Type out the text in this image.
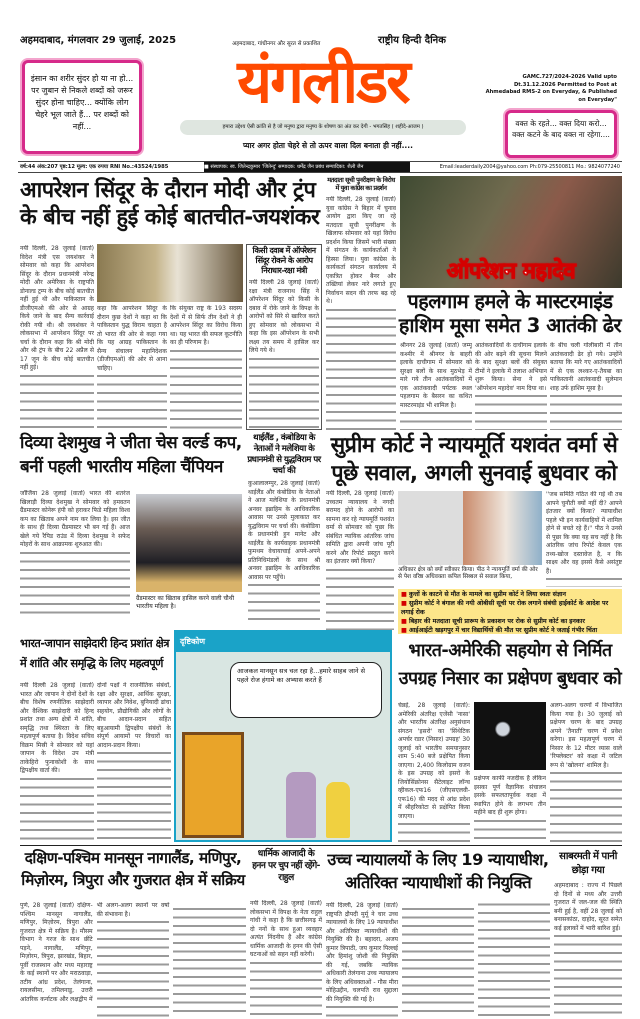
अहमदाबाद, मंगलवार 29 जुलाई, 2025	अहमदाबाद, गांधीनगर और सूरत से प्रकाशित	राष्ट्रीय हिन्दी दैनिक
यंगलीडर
हमारा उद्देश्य ऐसी क्रांति से है जो मनुष्य द्वारा मनुष्य के शोषण का अंत कर देगी - भगतसिंह ( शहीदे-आजम )
प्यार अगर होता चेहरे से तो ऊपर वाला दिल बनाता ही नहीं....
इंसान का शरीर सुंदर हो या ना हो... पर जुबान से निकले शब्दों को जरूर सुंदर होना चाहिए... क्योंकि लोग चेहरे भूल जाते हैं... पर शब्दों को नहीं...
GAMC.727/2024-2026 Valid upto Dt.31.12.2026 Permitted to Post at Ahmedabad RMS-2 on Everyday, & Published on Everyday"
वक्त के रहते... वक्त दिया करो... वक्त कटने के बाद वक्त ना रहेगा....
वर्ष:44 अंक:207 पृष्ठ:12 मूल्य: एक रुपया RNI No.:43524/1985	■ संस्थापक: स्व. जितेन्द्रकुमार 'जितेन्दु' सम्पादक: धर्मेंद्र जैन प्रबंध सम्पादिका: शैली जैन	Email:leaderdaily2004@yahoo.com Ph:079-25500811 Mo.: 9824077240
आपरेशन सिंदूर के दौरान मोदी और ट्रंप के बीच नहीं हुई कोई बातचीत-जयशंकर
नयी दिल्ली, 28 जुलाई (वार्ता) विदेश मंत्री एस जयशंकर ने सोमवार को कहा कि आपरेशन सिंदूर के दौरान प्रधानमंत्री नरेन्द्र मोदी और अमेरिका के राष्ट्रपति डोनाल्ड ट्रम्प के बीच कोई बातचीत नहीं हुई थी और पाकिस्तान के डीजीएमओ की ओर से आग्रह किये जाने के बाद सैन्य कार्रवाई रोकी गयी थी। श्री जयशंकर ने लोकसभा में आपरेशन सिंदूर पर चर्चा के दौरान कहा कि श्री मोदी और श्री ट्रंप के बीच 22 अप्रैल से 17 जून के बीच कोई बातचीत नहीं हुई।
कहा कि आपरेशन सिंदूर के दौरान कुछ देशों ने कहा था कि पाकिस्तान युद्ध विराम चाहता है तो भारत की ओर से कहा गया कि यह आग्रह पाकिस्तान के सैन्य संचालन महानिदेशक (डीजीएमओ) की ओर से आना चाहिए।
कि संयुक्त राष्ट्र के 193 सदस्य देशों में से सिर्फ तीन देशों ने ही आपरेशन सिंदूर का विरोध किया था। यह भारत की सफल कूटनीति का ही परिणाम है।
किसी दवाब में ऑपरेशन सिंदूर रोकने के आरोप निराधार-रक्षा मंत्री
नयी दिल्ली 28 जुलाई (वार्ता) रक्षा मंत्री राजनाथ सिंह ने ऑपरेशन सिंदूर को किसी के दबाव में रोके जाने के विपक्ष के आरोपों को सिरे से खारिज करते हुए सोमवार को लोकसभा में कहा कि इस ऑपरेशन के सभी लक्ष्य तय समय में हासिल कर लिये गये थे।
मतदाता सूची पुनरीक्षण के विरोध में युवा कांग्रेस का प्रदर्शन
नयी दिल्ली, 28 जुलाई (वार्ता) युवा कांग्रेस ने बिहार में चुनाव आयोग द्वारा किए जा रहे मतदाता सूची पुनरीक्षण के खिलाफ सोमवार को यहां विरोध प्रदर्शन किया जिसमें भारी संख्या में संगठन के कार्यकर्ताओं ने हिस्सा लिया। युवा कांग्रेस के कार्यकर्ता संगठन कार्यालय में एकत्रित होकर बैनर और तख्तियां लेकर नारे लगाते हुए निर्वाचन सदन की तरफ बढ़ रहे थे।
ऑपरेशन महादेव
पहलगाम हमले के मास्टरमाइंड हाशिम मूसा समेत 3 आतंकी ढेर
श्रीनगर 28 जुलाई (वार्ता) जम्मू कश्मीर में श्रीनगर के बाहरी इलाके दाचीगाम में सोमवार को सुरक्षा बलों के साथ मुठभेड़ में मारे गये तीन आतंकवादियों में एक आतंकवादी पर्यटक स्थल पहलगाम के बैसरन का कथित मास्टरमाइंड भी शामिल है।
आतंकवादियों के दाचीगाम इलाके की ओर बढ़ने की सूचना मिलने के बाद सुरक्षा बलों की संयुक्त टीमों ने इलाके में तलाश अभियान शुरू किया। सेना ने इसे 'ऑपरेशन महादेव' नाम दिया था।
के बीच चली गोलीबारी में तीन आतंकवादी ढेर हो गये। उन्होंने बताया कि मारे गए आतंकवादियों में से एक लश्कर-ए-तैयबा का पाकिस्तानी आतंकवादी सुलेमान शाह उर्फ हाशिम मूसा है।
दिव्या देशमुख ने जीता चेस वर्ल्ड कप, बनीं पहली भारतीय महिला चैंपियन
जॉर्जिया 28 जुलाई (वार्ता) भारत की शतरंज खिलाड़ी दिव्या देशमुख ने सोमवार को हमवतन ग्रैंडमास्टर कोनेरू हंपी को हराकर फिडे महिला विश्व कप का खिताब अपने नाम कर लिया है। इस जीत के साथ ही दिव्या ग्रैंडमास्टर भी बन गई हैं। आज खेले गये रैपिड राउंड में दिव्या देशमुख ने सफेद मोहरों के साथ आक्रामक शुरुआत की।
ग्रैंडमास्टर का खिताब हासिल करने वाली चौथी भारतीय महिला है।
थाईलैंड , कंबोडिया के नेताओं ने मलेशिया के प्रधानमंत्री से युद्धविराम पर चर्चा की
कुआलालम्पुर, 28 जुलाई (वार्ता) थाईलैंड और कंबोडिया के नेताओं ने आज मलेशिया के प्रधानमंत्री अनवर इब्राहिम के आधिकारिक आवास पर उनसे मुलाकात कर युद्धविराम पर चर्चा की। कंबोडिया के प्रधानमंत्री हुन मानेट और थाईलैंड के कार्यवाहक प्रधानमंत्री फुमथम वेचायाचाई अपने-अपने प्रतिनिधिमंडलों के साथ श्री अनवर इब्राहिम के आधिकारिक आवास पर पहुँचे।
सुप्रीम कोर्ट ने न्यायमूर्ति यशवंत वर्मा से पूछे सवाल, अगली सुनवाई बुधवार को
नयी दिल्ली, 28 जुलाई (वार्ता) उच्चतम न्यायालय ने नगदी बरामद होने के आरोपों का सामना कर रहे न्यायमूर्ति यशवंत वर्मा से सोमवार को पूछा कि संबंधित न्यायिक आंतरिक जांच समिति द्वारा अपनी जांच पूरी करने और रिपोर्ट प्रस्तुत करने का इंतजार क्यों किया?
अधिकार क्षेत्र को क्यों स्वीकार किया। पीठ ने न्यायमूर्ति वर्मा की ओर से पेश वरिष्ठ अधिवक्ता कपिल सिब्बल से सवाल किया,
''जब समिति गठित की गई थी तब आपने चुनौती क्यों नहीं दी? आपने इंतजार क्यों किया? न्यायाधीश पहले भी इन कार्यवाहियों में शामिल होने से बचते रहे हैं।'' पीठ ने उनसे से पूछा कि क्या यह सच नहीं है कि आंतरिक जांच रिपोर्ट केवल एक तथ्य-खोज दस्तावेज है, न कि साक्ष्य और वह इससे कैसे असंतुष्ट हैं।
■ कुत्तों के काटने से मौत के मामले का सुप्रीम कोर्ट ने लिया स्वतः संज्ञान
■ सुप्रीम कोर्ट ने बंगाल की नयी ओबीसी सूची पर रोक लगाने संबंधी हाईकोर्ट के आदेश पर लगाई रोक
■ बिहार की मतदाता सूची प्रारूप के प्रकाशन पर रोक से सुप्रीम कोर्ट का इनकार
■ आईआईटी खड़गपुर में चार विद्यार्थियों की मौत पर सुप्रीम कोर्ट ने जताई गंभीर चिंता
भारत-जापान साझेदारी हिन्द प्रशांत क्षेत्र में शांति और समृद्धि के लिए महत्वपूर्ण
नयी दिल्ली 28 जुलाई (वार्ता) भारत और जापान ने दोनों देशों के बीच विशेष रणनीतिक साझेदारी और वैश्विक साझेदारी को हिन्द प्रशांत तथा अन्य क्षेत्रों में शांति, समृद्धि तथा स्थिरता के लिए महत्वपूर्ण बताया है। विदेश सचिव विक्रम मिस्री ने सोमवार को यहां जापान के विदेश उप मंत्री ताकेहिरो फुनाकोशी के साथ द्विपक्षीय वार्ता की।
दोनों पक्षों ने राजनीतिक संबंधों, रक्षा और सुरक्षा, आर्थिक सुरक्षा, व्यापार और निवेश, बुनियादी ढांचा सहयोग, प्रौद्योगिकी और लोगों के बीच आदान-प्रदान सहित बहुआयामी द्विपक्षीय संबंधों के संपूर्ण आयामों पर विचारों का आदान-प्रदान किया।
दृष्टिकोण
आजकल मानसून सत्र चल रहा है...हमारे साहब जाने से पहले रोज हंगामे का अभ्यास करते हैं
भारत-अमेरिकी सहयोग से निर्मित उपग्रह निसार का प्रक्षेपण बुधवार को
चेन्नई, 28 जुलाई (वार्ता): अमेरिकी अंतरिक्ष एजेंसी 'नासा' और भारतीय अंतरिक्ष अनुसंधान संगठन 'इसरो' का 'सिंथेटिक अपर्चर रडार (निसार) उपग्रह' 30 जुलाई को भारतीय समयानुसार शाम 5:40 बजे प्रक्षेपित किया जाएगा। 2,400 किलोग्राम वजन के इस उपग्रह को इसरो के जियोसिंक्रोनस सैटेलाइट लॉन्च व्हीकल-एफ16 (जीएसएलवी-एफ16) की मदद से आंध्र प्रदेश में श्रीहरिकोटा से प्रक्षेपित किया जाएगा।
प्रक्षेपण काफी नजदीक है लेकिन इसका पूर्ण वैज्ञानिक संचालन इसके सफलतापूर्वक कक्षा में स्थापित होने के लगभग तीन महीने बाद ही शुरू होगा।
अलग-अलग चरणों में विभाजित किया गया है। 30 जुलाई को प्रक्षेपण चरण के बाद उपग्रह अपने 'तैनाती' चरण में प्रवेश करेगा। इस महत्वपूर्ण चरण में निसार के 12 मीटर व्यास वाले 'रिफ्लेक्टर' को कक्षा में जटिल रूप से 'खोलना' शामिल है।
दक्षिण-पश्चिम मानसून नागालैंड, मणिपुर, मिज़ोरम, त्रिपुरा और गुजरात क्षेत्र में सक्रिय
पुणे, 28 जुलाई (वार्ता) दक्षिण-पश्चिम मानसून नागालैंड, मणिपुर, मिज़ोरम, त्रिपुरा और गुजरात क्षेत्र में सक्रिय है। मौसम विभाग ने गरज के साथ छींटे पड़ने, नागालैंड, मणिपुर, मिज़ोरम, त्रिपुरा, झारखंड, बिहार, पूर्वी राजस्थान और मध्य महाराष्ट्र के कई स्थानों पर और मराठवाड़ा, तटीय आंध्र प्रदेश, तेलंगाना, रायलसीमा, तमिलनाडु, उत्तरी आंतरिक कर्नाटक और लक्षद्वीप में भी अलग-अलग स्थानों पर वर्षा की संभावना है।
धार्मिक आजादी के हनन पर चुप नहीं रहेंगे-राहुल
नयी दिल्ली, 28 जुलाई (वार्ता) लोकसभा में विपक्ष के नेता राहुल गांधी ने कहा है कि छत्तीसगढ़ में दो ननों के साथ हुआ व्यवहार अत्यंत निंदनीय है और कांग्रेस धार्मिक आजादी के हनन की ऐसी घटनाओं को सहन नहीं करेगी।
उच्च न्यायालयों के लिए 19 न्यायाधीश, अतिरिक्त न्यायाधीशों की नियुक्ति
नयी दिल्ली, 28 जुलाई (वार्ता) राष्ट्रपति द्रौपदी मुर्मू ने चार उच्च न्यायालयों के लिए 19 न्यायाधीश और अतिरिक्त न्यायाधीशों की नियुक्ति की है। बहादरा, अजय कुमार त्रिपाठी, जय कुमार पिल्लई और हिमांशु जोशी की नियुक्ति की गई, जबकि न्यायिक अधिकारी तेलंगाना उच्च न्यायालय के लिए अधिवक्ताओं - गौस मीरा मोहिउद्दीन, चलपति राव सुद्दाला की नियुक्ति की गई है।
साबरमती में पानी छोड़ा गया
अहमदाबाद : राज्य में पिछले दो दिनों से मध्य और उत्तरी गुजरात में जल-जल की स्थिति बनी हुई है, वहीं 28 जुलाई को बनासकांठा, दाहोद, सूरत समेत कई इलाकों में भारी बारिश हुई।
